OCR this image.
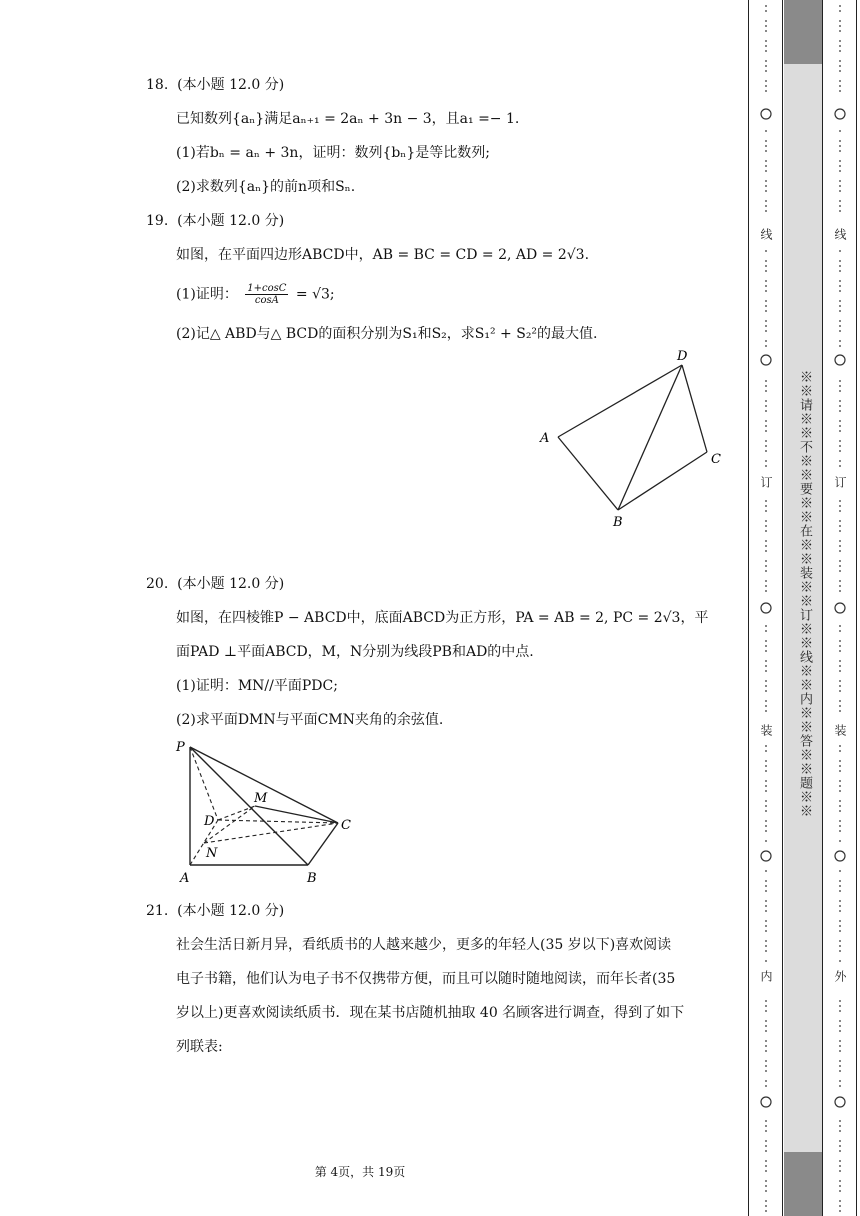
18. (本小题 12.0 分)
已知数列{aₙ}满足aₙ₊₁ = 2aₙ + 3n − 3，且a₁ =− 1.
(1)若bₙ = aₙ + 3n，证明：数列{bₙ}是等比数列;
(2)求数列{aₙ}的前n项和Sₙ.
19. (本小题 12.0 分)
如图，在平面四边形ABCD中，AB = BC = CD = 2, AD = 2√3.
(1)证明： $\frac{1+\cos C}{\cos A} = √3$;
(2)记△ ABD与△ BCD的面积分别为S₁和S₂，求S₁² + S₂²的最大值.
D
A
C
B
20. (本小题 12.0 分)
如图，在四棱锥P − ABCD中，底面ABCD为正方形，PA = AB = 2, PC = 2√3，平
面PAD ⊥平面ABCD，M，N分别为线段PB和AD的中点.
(1)证明：MN//平面PDC;
(2)求平面DMN与平面CMN夹角的余弦值.
P
M
D	C
N
A	B
21. (本小题 12.0 分)
社会生活日新月异，看纸质书的人越来越少，更多的年轻人(35 岁以下)喜欢阅读
电子书籍，他们认为电子书不仅携带方便，而且可以随时随地阅读，而年长者(35
岁以上)更喜欢阅读纸质书．现在某书店随机抽取 40 名顾客进行调查，得到了如下
列联表:
第 4页，共 19页
线
订
装
内
线
订
装
外
※※请※※不※※要※※在※※装※※订※※线※※内※※答※※题※※
